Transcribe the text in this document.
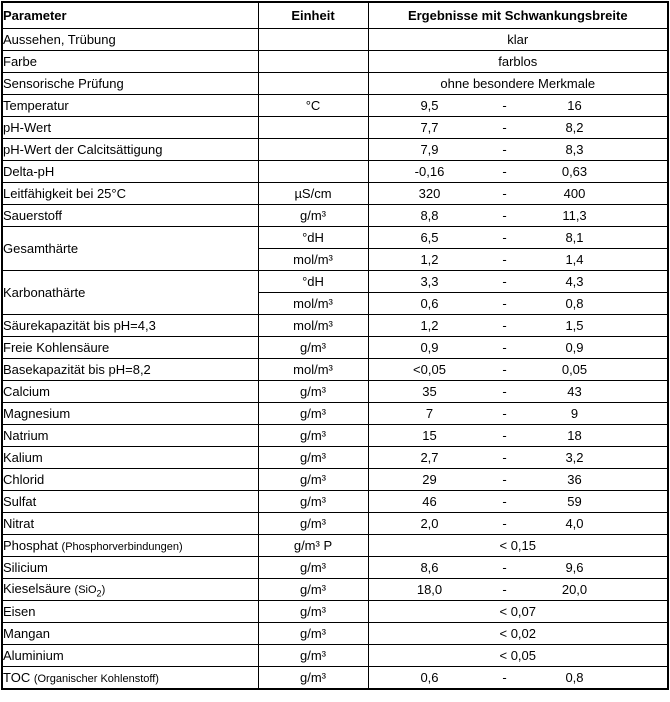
Parameter	Einheit	Ergebnisse mit Schwankungsbreite
Aussehen, Trübung		klar

Farbe		farblos

Sensorische Prüfung		ohne besondere Merkmale

Temperatur	°C	9,5 - 16

pH-Wert		7,7 - 8,2

pH-Wert der Calcitsättigung		7,9 - 8,3

Delta-pH		-0,16 - 0,63

Leitfähigkeit bei 25°C	µS/cm	320 - 400

Sauerstoff	g/m³	8,8 - 11,3

Gesamthärte	°dH	6,5 - 8,1

	mol/m³	1,2 - 1,4

Karbonathärte	°dH	3,3 - 4,3

	mol/m³	0,6 - 0,8

Säurekapazität bis pH=4,3	mol/m³	1,2 - 1,5

Freie Kohlensäure	g/m³	0,9 - 0,9

Basekapazität bis pH=8,2	mol/m³	<0,05 - 0,05

Calcium	g/m³	35 - 43

Magnesium	g/m³	7 - 9

Natrium	g/m³	15 - 18

Kalium	g/m³	2,7 - 3,2

Chlorid	g/m³	29 - 36

Sulfat	g/m³	46 - 59

Nitrat	g/m³	2,0 - 4,0

Phosphat (Phosphorverbindungen)	g/m³ P	< 0,15

Silicium	g/m³	8,6 - 9,6

Kieselsäure (SiO$_2$)	g/m³	18,0 - 20,0

Eisen	g/m³	< 0,07

Mangan	g/m³	< 0,02

Aluminium	g/m³	< 0,05

TOC (Organischer Kohlenstoff)	g/m³	0,6 - 0,8
